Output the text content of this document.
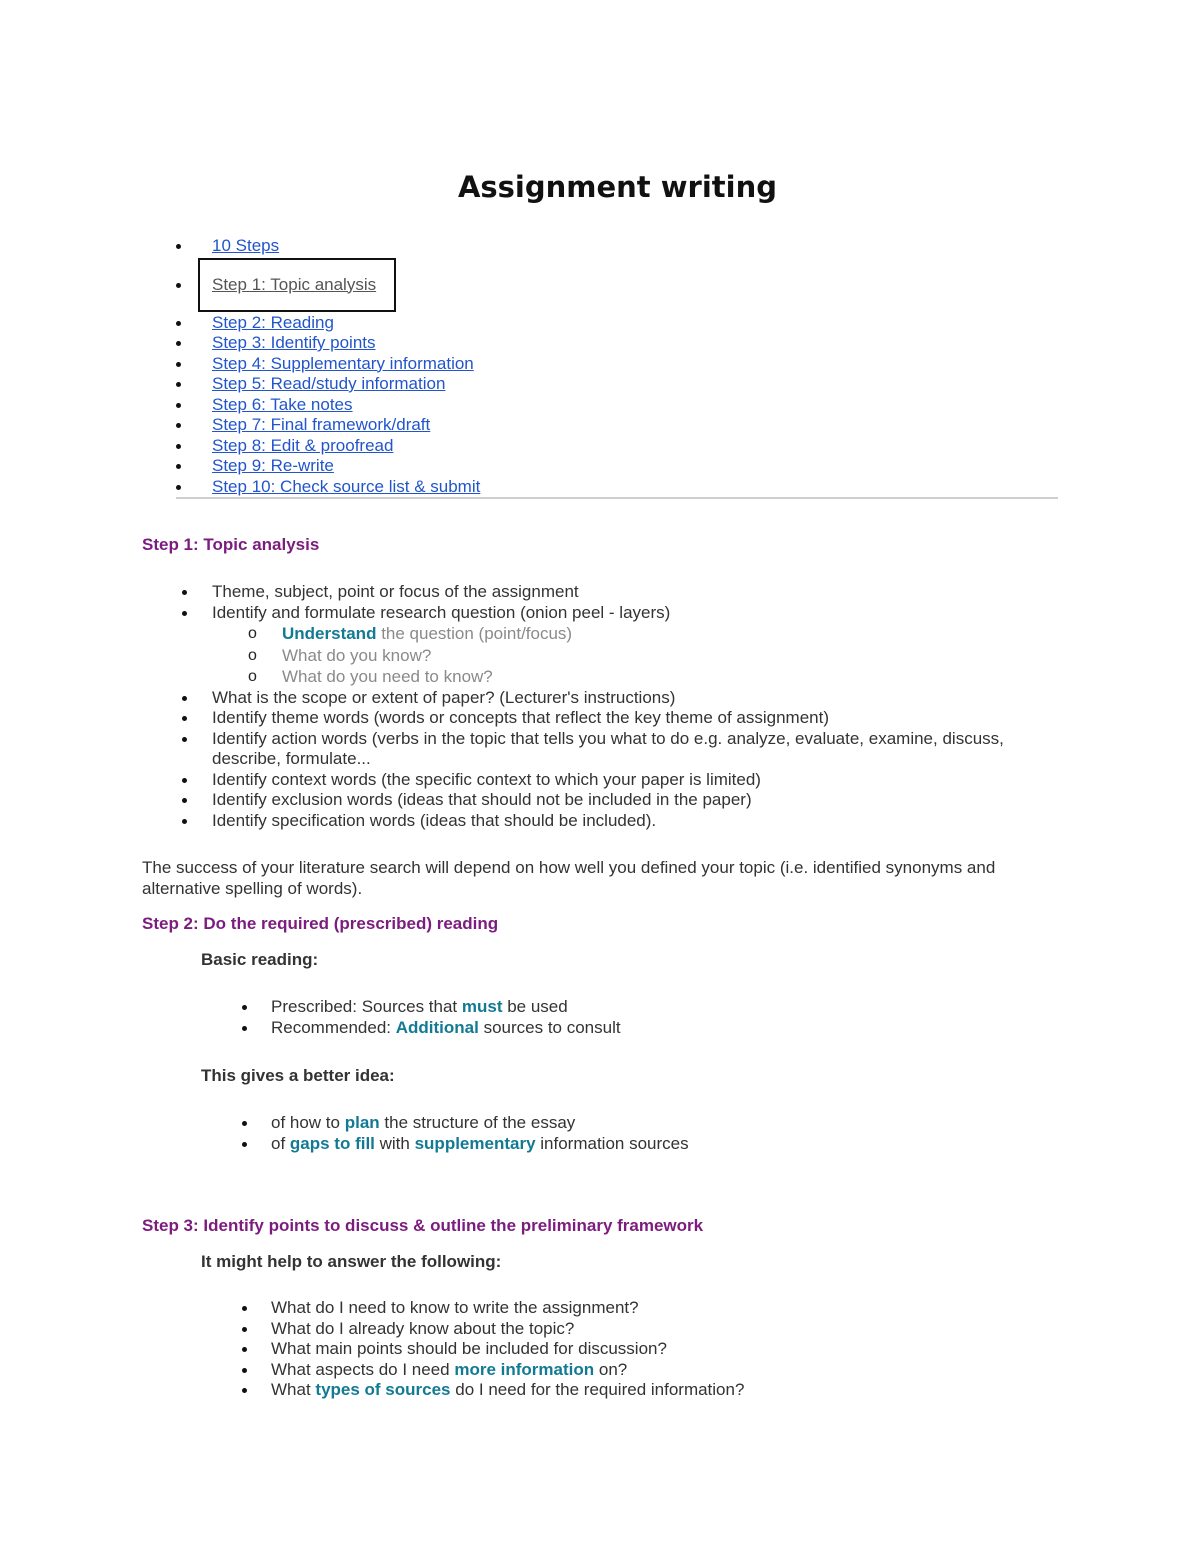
Assignment writing
10 Steps
Step 1: Topic analysis
Step 2: Reading
Step 3: Identify points
Step 4: Supplementary information
Step 5: Read/study information
Step 6: Take notes
Step 7: Final framework/draft
Step 8: Edit & proofread
Step 9: Re-write
Step 10: Check source list & submit
Step 1: Topic analysis
Theme, subject, point or focus of the assignment
Identify and formulate research question (onion peel - layers)
o Understand the question (point/focus)
o What do you know?
o What do you need to know?
What is the scope or extent of paper? (Lecturer's instructions)
Identify theme words (words or concepts that reflect the key theme of assignment)
Identify action words (verbs in the topic that tells you what to do e.g. analyze, evaluate, examine, discuss,
describe, formulate...
Identify context words (the specific context to which your paper is limited)
Identify exclusion words (ideas that should not be included in the paper)
Identify specification words (ideas that should be included).
The success of your literature search will depend on how well you defined your topic (i.e. identified synonyms and alternative spelling of words).
Step 2: Do the required (prescribed) reading
Basic reading:
Prescribed: Sources that must be used
Recommended: Additional sources to consult
This gives a better idea:
of how to plan the structure of the essay
of gaps to fill with supplementary information sources
Step 3: Identify points to discuss & outline the preliminary framework
It might help to answer the following:
What do I need to know to write the assignment?
What do I already know about the topic?
What main points should be included for discussion?
What aspects do I need more information on?
What types of sources do I need for the required information?
